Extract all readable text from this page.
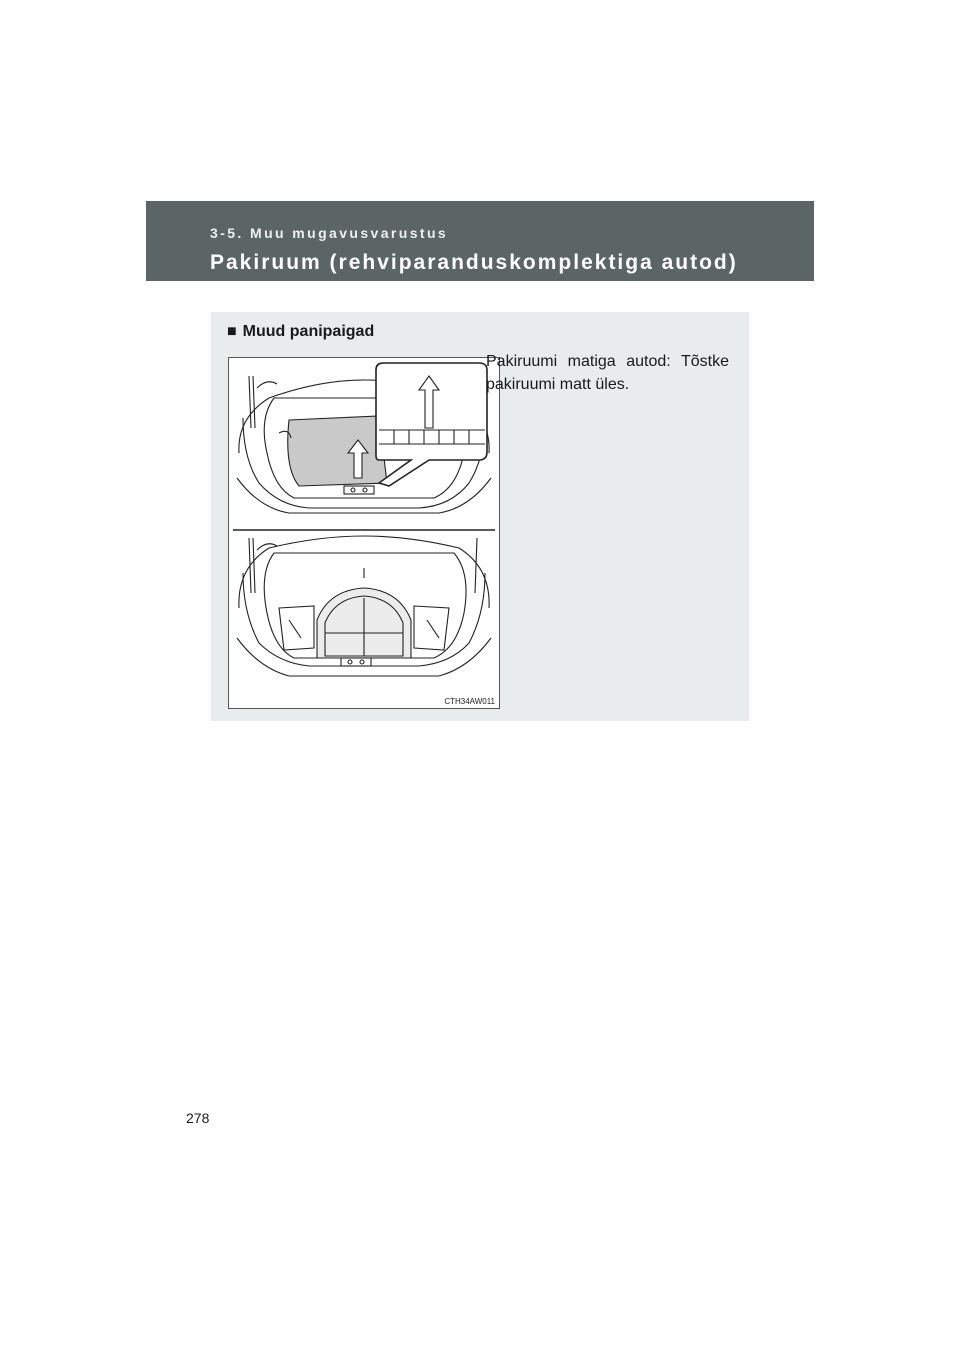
3-5. Muu mugavusvarustus
Pakiruum (rehviparanduskomplektiga autod)
■ Muud panipaigad
CTH34AW011
Pakiruumi matiga autod: Tõstke pakiruumi matt üles.
278
